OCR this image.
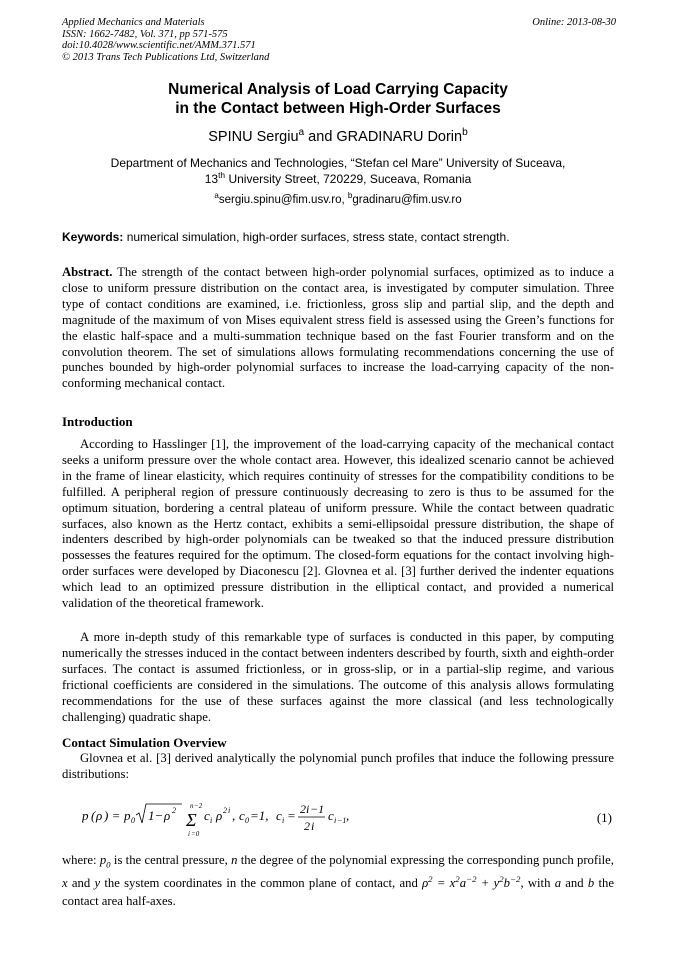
Applied Mechanics and Materials
ISSN: 1662-7482, Vol. 371, pp 571-575
doi:10.4028/www.scientific.net/AMM.371.571
© 2013 Trans Tech Publications Ltd, Switzerland
Online: 2013-08-30
Numerical Analysis of Load Carrying Capacity
in the Contact between High-Order Surfaces
SPINU Sergiu$^a$ and GRADINARU Dorin$^b$
Department of Mechanics and Technologies, “Stefan cel Mare” University of Suceava,
13th University Street, 720229, Suceava, Romania
$^a$sergiu.spinu@fim.usv.ro, $^b$gradinaru@fim.usv.ro
Keywords: numerical simulation, high-order surfaces, stress state, contact strength.
Abstract. The strength of the contact between high-order polynomial surfaces, optimized as to induce a close to uniform pressure distribution on the contact area, is investigated by computer simulation. Three type of contact conditions are examined, i.e. frictionless, gross slip and partial slip, and the depth and magnitude of the maximum of von Mises equivalent stress field is assessed using the Green’s functions for the elastic half-space and a multi-summation technique based on the fast Fourier transform and on the convolution theorem. The set of simulations allows formulating recommendations concerning the use of punches bounded by high-order polynomial surfaces to increase the load-carrying capacity of the non-conforming mechanical contact.
Introduction
According to Hasslinger [1], the improvement of the load-carrying capacity of the mechanical contact seeks a uniform pressure over the whole contact area. However, this idealized scenario cannot be achieved in the frame of linear elasticity, which requires continuity of stresses for the compatibility conditions to be fulfilled. A peripheral region of pressure continuously decreasing to zero is thus to be assumed for the optimum situation, bordering a central plateau of uniform pressure. While the contact between quadratic surfaces, also known as the Hertz contact, exhibits a semi-ellipsoidal pressure distribution, the shape of indenters described by high-order polynomials can be tweaked so that the induced pressure distribution possesses the features required for the optimum. The closed-form equations for the contact involving high-order surfaces were developed by Diaconescu [2]. Glovnea et al. [3] further derived the indenter equations which lead to an optimized pressure distribution in the elliptical contact, and provided a numerical validation of the theoretical framework.
A more in-depth study of this remarkable type of surfaces is conducted in this paper, by computing numerically the stresses induced in the contact between indenters described by fourth, sixth and eighth-order surfaces. The contact is assumed frictionless, or in gross-slip, or in a partial-slip regime, and various frictional coefficients are considered in the simulations. The outcome of this analysis allows formulating recommendations for the use of these surfaces against the more classical (and less technologically challenging) quadratic shape.
Contact Simulation Overview
Glovnea et al. [3] derived analytically the polynomial punch profiles that induce the following pressure distributions:
p ( ρ ) = p 0 1− ρ 2 n −2
Σ
i =0
c i ρ 2 i , c 0 =1, c i = 2 i −1
2 i
c i −1 ,	(1)
where: $p_0$ is the central pressure, n the degree of the polynomial expressing the corresponding punch profile, x and y the system coordinates in the common plane of contact, and $\rho^2 = x^2a^{-2} + y^2b^{-2}$, with a and b the contact area half-axes.
